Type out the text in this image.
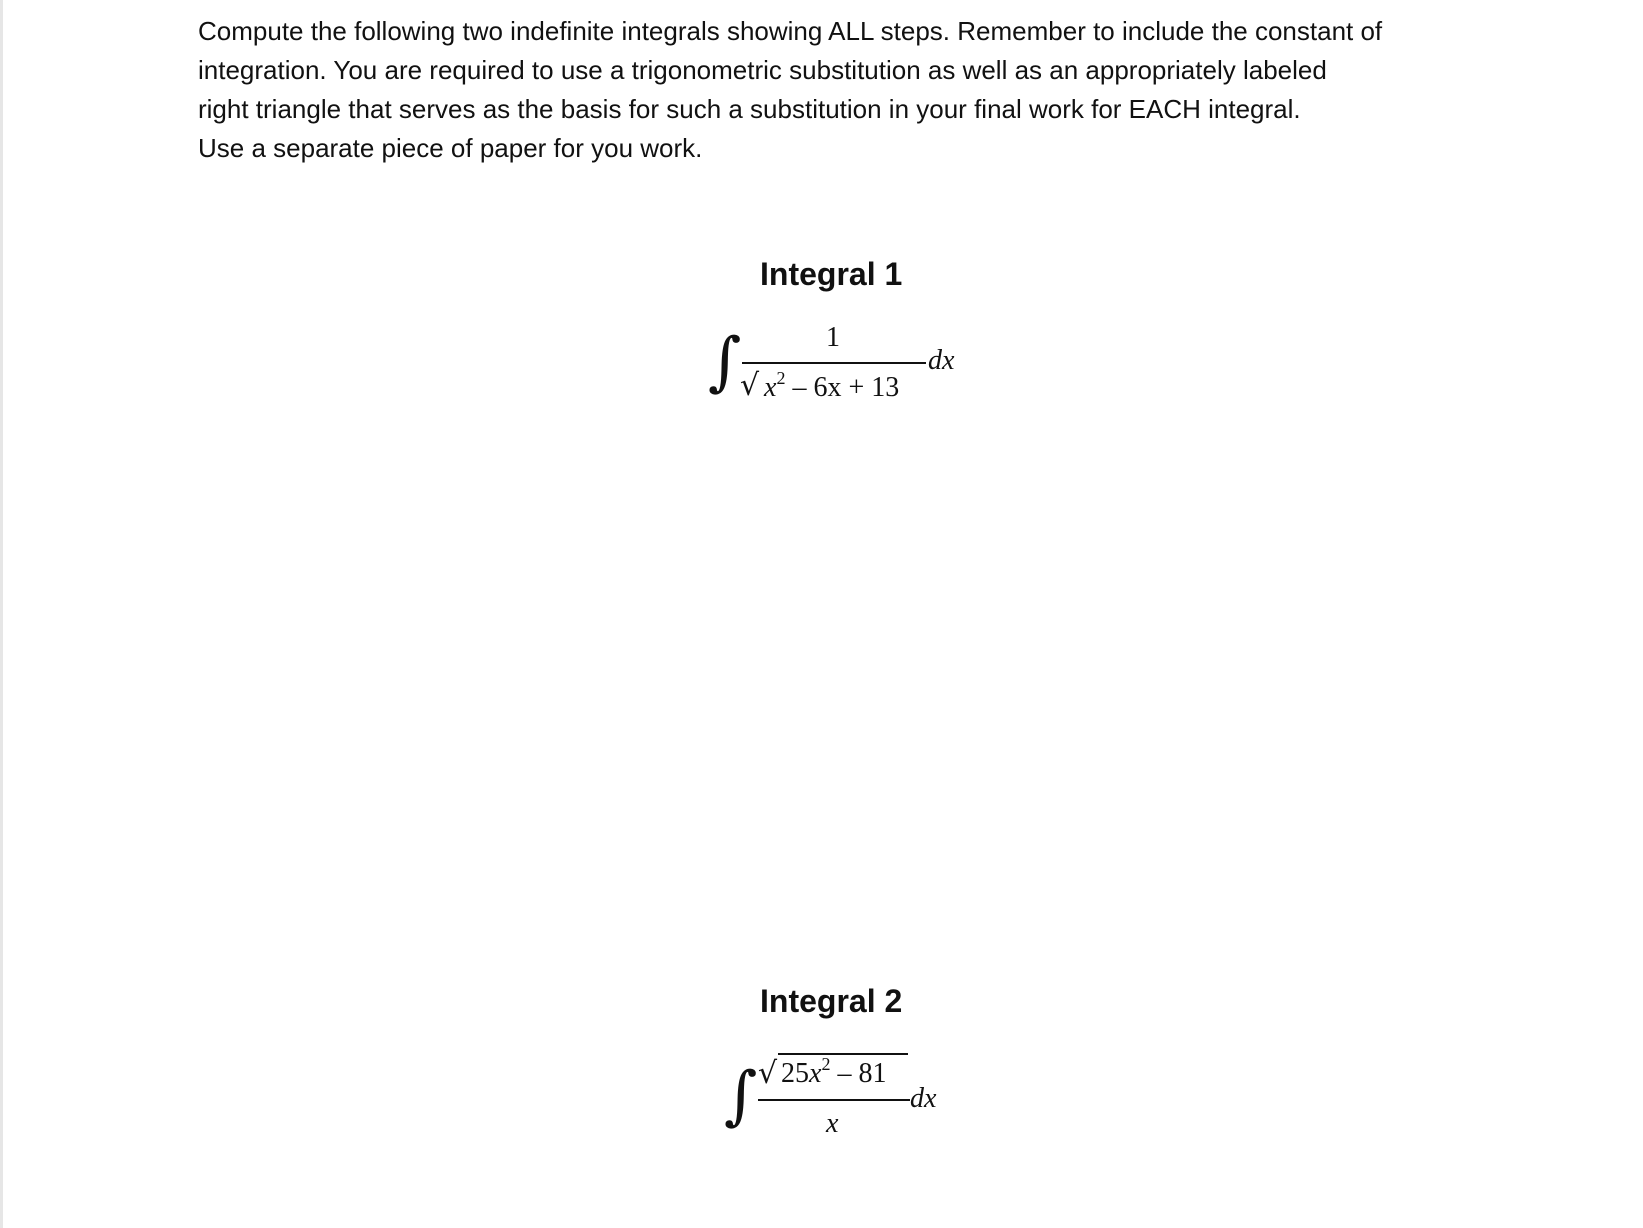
Compute the following two indefinite integrals showing ALL steps. Remember to include the constant of

integration. You are required to use a trigonometric substitution as well as an appropriately labeled

right triangle that serves as the basis for such a substitution in your final work for EACH integral.

Use a separate piece of paper for you work.

Integral 1
∫	1
√ $x^2 - 6x + 13$
dx
Integral 2
∫ √ $25x^2 - 81$
x
dx
